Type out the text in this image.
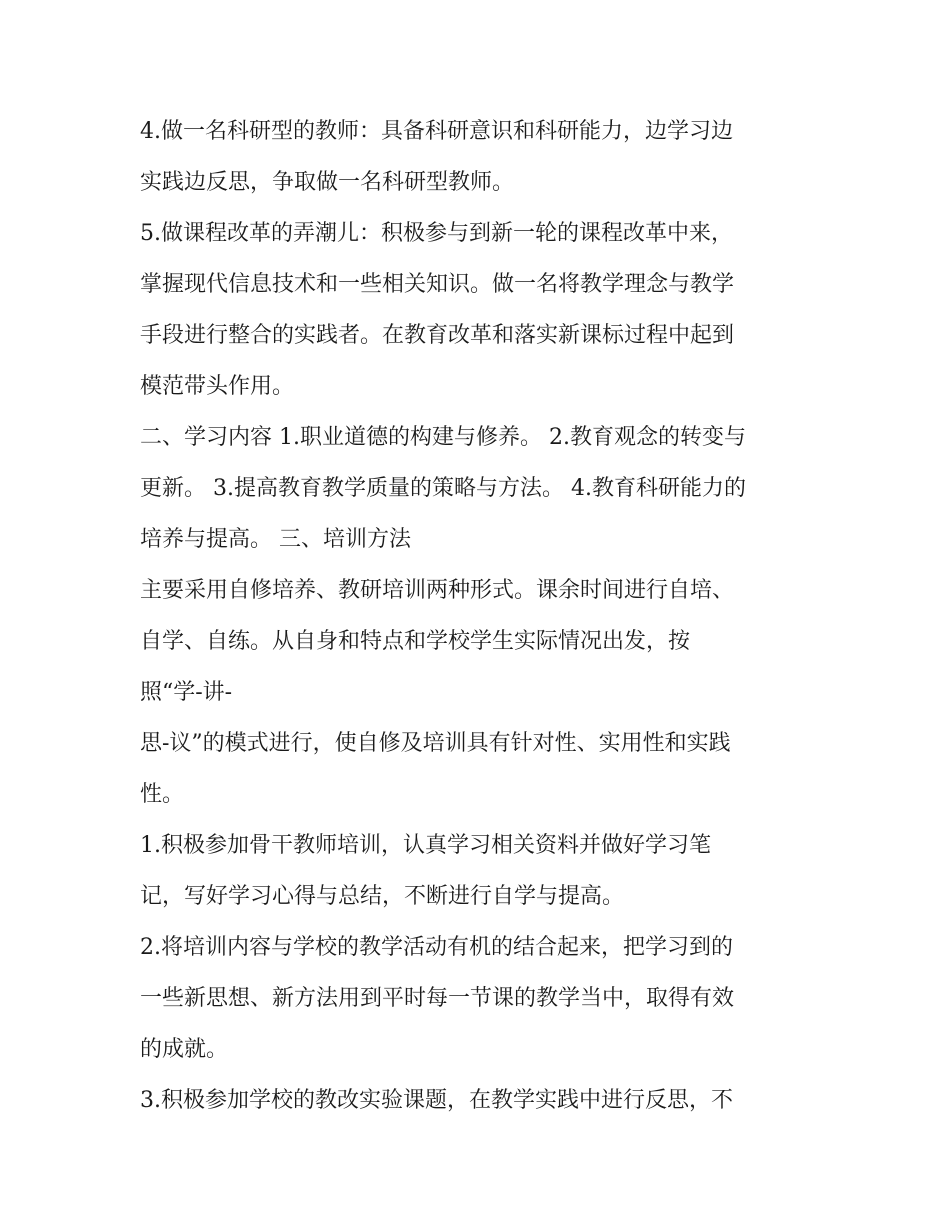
4.做一名科研型的教师：具备科研意识和科研能力，边学习边
实践边反思，争取做一名科研型教师。
5.做课程改革的弄潮儿：积极参与到新一轮的课程改革中来，
掌握现代信息技术和一些相关知识。做一名将教学理念与教学
手段进行整合的实践者。在教育改革和落实新课标过程中起到
模范带头作用。
二、学习内容 1.职业道德的构建与修养。 2.教育观念的转变与
更新。 3.提高教育教学质量的策略与方法。 4.教育科研能力的
培养与提高。 三、培训方法
主要采用自修培养、教研培训两种形式。课余时间进行自培、
自学、自练。从自身和特点和学校学生实际情况出发，按
照“学-讲-
思-议”的模式进行，使自修及培训具有针对性、实用性和实践
性。
1.积极参加骨干教师培训，认真学习相关资料并做好学习笔
记，写好学习心得与总结，不断进行自学与提高。
2.将培训内容与学校的教学活动有机的结合起来，把学习到的
一些新思想、新方法用到平时每一节课的教学当中，取得有效
的成就。
3.积极参加学校的教改实验课题，在教学实践中进行反思，不
